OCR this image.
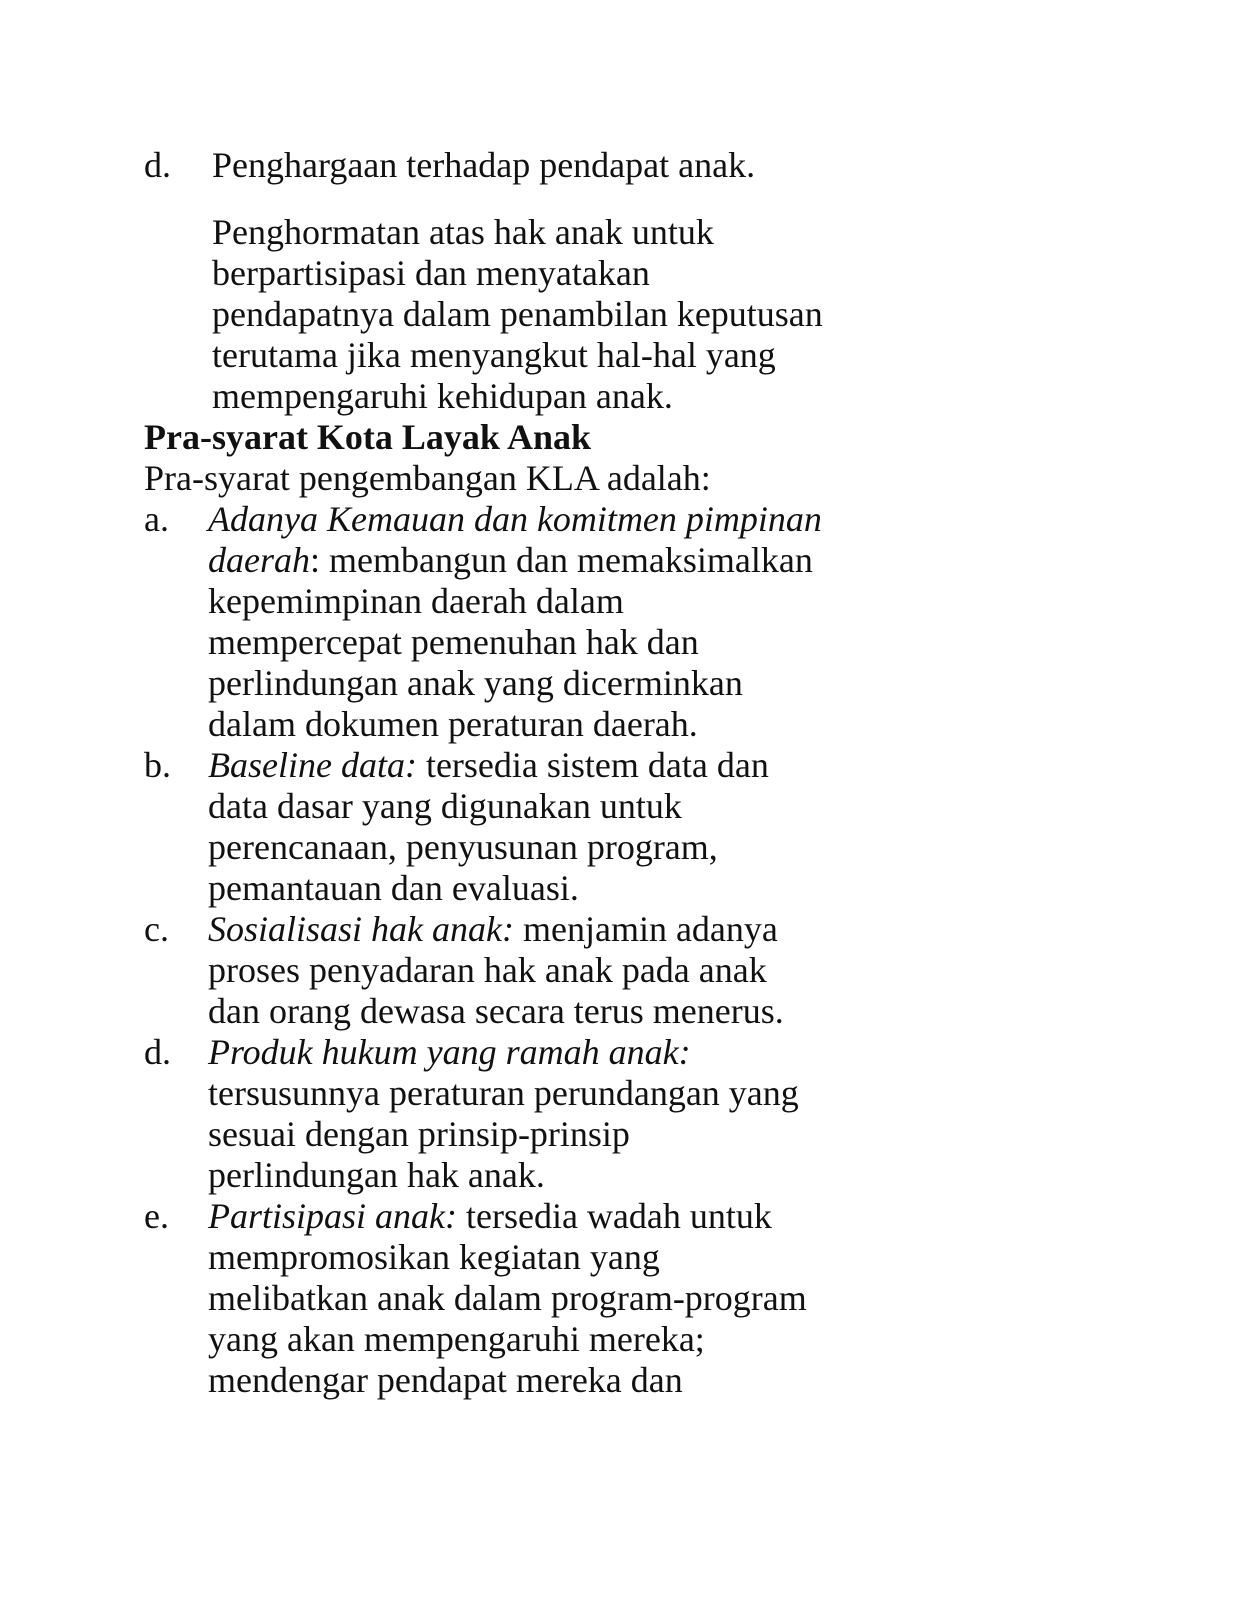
d. Penghargaan terhadap pendapat anak.
Penghormatan atas hak anak untuk
berpartisipasi dan menyatakan
pendapatnya dalam penambilan keputusan
terutama jika menyangkut hal-hal yang
mempengaruhi kehidupan anak.
Pra-syarat Kota Layak Anak
Pra-syarat pengembangan KLA adalah:
a. Adanya Kemauan dan komitmen pimpinan
daerah: membangun dan memaksimalkan
kepemimpinan daerah dalam
mempercepat pemenuhan hak dan
perlindungan anak yang dicerminkan
dalam dokumen peraturan daerah.
b. Baseline data: tersedia sistem data dan
data dasar yang digunakan untuk
perencanaan, penyusunan program,
pemantauan dan evaluasi.
c. Sosialisasi hak anak: menjamin adanya
proses penyadaran hak anak pada anak
dan orang dewasa secara terus menerus.
d. Produk hukum yang ramah anak:
tersusunnya peraturan perundangan yang
sesuai dengan prinsip-prinsip
perlindungan hak anak.
e. Partisipasi anak: tersedia wadah untuk
mempromosikan kegiatan yang
melibatkan anak dalam program-program
yang akan mempengaruhi mereka;
mendengar pendapat mereka dan
